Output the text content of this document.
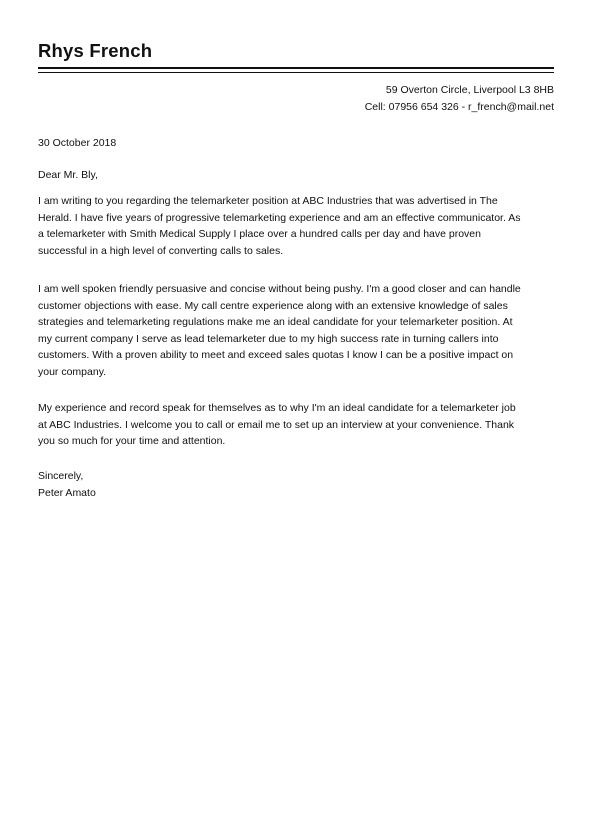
Rhys French
59 Overton Circle, Liverpool L3 8HB
Cell: 07956 654 326 - r_french@mail.net
30 October 2018
Dear Mr. Bly,
I am writing to you regarding the telemarketer position at ABC Industries that was advertised in The
Herald. I have five years of progressive telemarketing experience and am an effective communicator. As
a telemarketer with Smith Medical Supply I place over a hundred calls per day and have proven
successful in a high level of converting calls to sales.
I am well spoken friendly persuasive and concise without being pushy. I'm a good closer and can handle
customer objections with ease. My call centre experience along with an extensive knowledge of sales
strategies and telemarketing regulations make me an ideal candidate for your telemarketer position. At
my current company I serve as lead telemarketer due to my high success rate in turning callers into
customers. With a proven ability to meet and exceed sales quotas I know I can be a positive impact on
your company.
My experience and record speak for themselves as to why I'm an ideal candidate for a telemarketer job
at ABC Industries. I welcome you to call or email me to set up an interview at your convenience. Thank
you so much for your time and attention.
Sincerely,
Peter Amato
